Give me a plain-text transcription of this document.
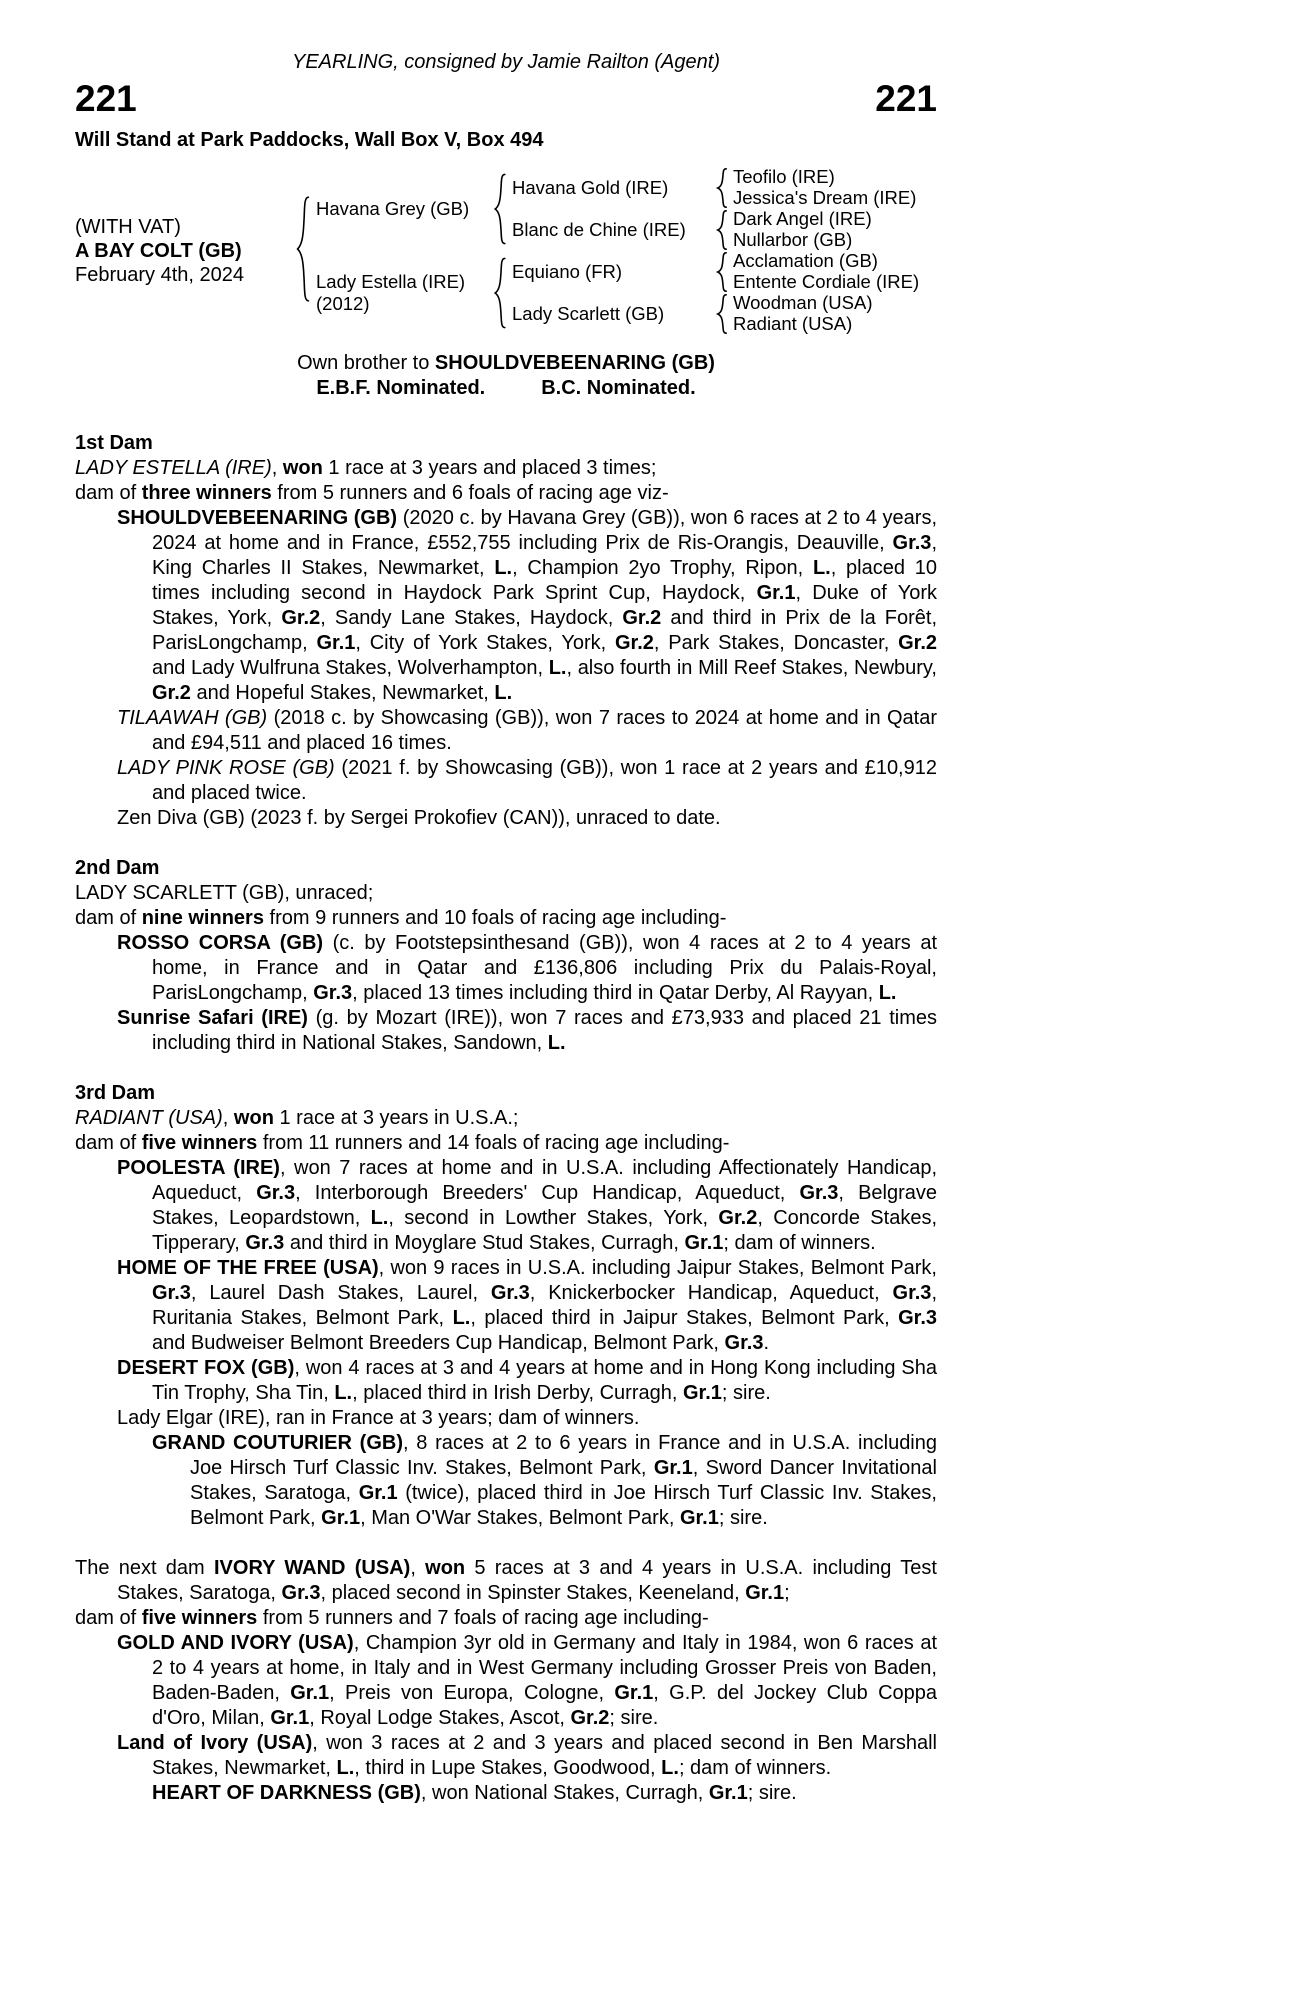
YEARLING, consigned by Jamie Railton (Agent)
221	221
Will Stand at Park Paddocks, Wall Box V, Box 494
(WITH VAT)
A BAY COLT (GB)
February 4th, 2024
Havana Grey (GB)
Lady Estella (IRE)
(2012)
Havana Gold (IRE)
Blanc de Chine (IRE)
Equiano (FR)
Lady Scarlett (GB)
Teofilo (IRE)
Jessica's Dream (IRE)
Dark Angel (IRE)
Nullarbor (GB)
Acclamation (GB)
Entente Cordiale (IRE)
Woodman (USA)
Radiant (USA)
Own brother to SHOULDVEBEENARING (GB)
E.B.F. Nominated.	B.C. Nominated.
1st Dam

LADY ESTELLA (IRE), won 1 race at 3 years and placed 3 times;

dam of three winners from 5 runners and 6 foals of racing age viz-

SHOULDVEBEENARING (GB) (2020 c. by Havana Grey (GB)), won 6 races at 2 to 4 years, 2024 at home and in France, £552,755 including Prix de Ris-Orangis, Deauville, Gr.3, King Charles II Stakes, Newmarket, L., Champion 2yo Trophy, Ripon, L., placed 10 times including second in Haydock Park Sprint Cup, Haydock, Gr.1, Duke of York Stakes, York, Gr.2, Sandy Lane Stakes, Haydock, Gr.2 and third in Prix de la Forêt, ParisLongchamp, Gr.1, City of York Stakes, York, Gr.2, Park Stakes, Doncaster, Gr.2 and Lady Wulfruna Stakes, Wolverhampton, L., also fourth in Mill Reef Stakes, Newbury, Gr.2 and Hopeful Stakes, Newmarket, L.

TILAAWAH (GB) (2018 c. by Showcasing (GB)), won 7 races to 2024 at home and in Qatar and £94,511 and placed 16 times.

LADY PINK ROSE (GB) (2021 f. by Showcasing (GB)), won 1 race at 2 years and £10,912 and placed twice.

Zen Diva (GB) (2023 f. by Sergei Prokofiev (CAN)), unraced to date.

2nd Dam

LADY SCARLETT (GB), unraced;

dam of nine winners from 9 runners and 10 foals of racing age including-

ROSSO CORSA (GB) (c. by Footstepsinthesand (GB)), won 4 races at 2 to 4 years at home, in France and in Qatar and £136,806 including Prix du Palais-Royal, ParisLongchamp, Gr.3, placed 13 times including third in Qatar Derby, Al Rayyan, L.

Sunrise Safari (IRE) (g. by Mozart (IRE)), won 7 races and £73,933 and placed 21 times including third in National Stakes, Sandown, L.

3rd Dam

RADIANT (USA), won 1 race at 3 years in U.S.A.;

dam of five winners from 11 runners and 14 foals of racing age including-

POOLESTA (IRE), won 7 races at home and in U.S.A. including Affectionately Handicap, Aqueduct, Gr.3, Interborough Breeders' Cup Handicap, Aqueduct, Gr.3, Belgrave Stakes, Leopardstown, L., second in Lowther Stakes, York, Gr.2, Concorde Stakes, Tipperary, Gr.3 and third in Moyglare Stud Stakes, Curragh, Gr.1; dam of winners.

HOME OF THE FREE (USA), won 9 races in U.S.A. including Jaipur Stakes, Belmont Park, Gr.3, Laurel Dash Stakes, Laurel, Gr.3, Knickerbocker Handicap, Aqueduct, Gr.3, Ruritania Stakes, Belmont Park, L., placed third in Jaipur Stakes, Belmont Park, Gr.3 and Budweiser Belmont Breeders Cup Handicap, Belmont Park, Gr.3.

DESERT FOX (GB), won 4 races at 3 and 4 years at home and in Hong Kong including Sha Tin Trophy, Sha Tin, L., placed third in Irish Derby, Curragh, Gr.1; sire.

Lady Elgar (IRE), ran in France at 3 years; dam of winners.

GRAND COUTURIER (GB), 8 races at 2 to 6 years in France and in U.S.A. including Joe Hirsch Turf Classic Inv. Stakes, Belmont Park, Gr.1, Sword Dancer Invitational Stakes, Saratoga, Gr.1 (twice), placed third in Joe Hirsch Turf Classic Inv. Stakes, Belmont Park, Gr.1, Man O'War Stakes, Belmont Park, Gr.1; sire.

The next dam IVORY WAND (USA), won 5 races at 3 and 4 years in U.S.A. including Test Stakes, Saratoga, Gr.3, placed second in Spinster Stakes, Keeneland, Gr.1;

dam of five winners from 5 runners and 7 foals of racing age including-

GOLD AND IVORY (USA), Champion 3yr old in Germany and Italy in 1984, won 6 races at 2 to 4 years at home, in Italy and in West Germany including Grosser Preis von Baden, Baden-Baden, Gr.1, Preis von Europa, Cologne, Gr.1, G.P. del Jockey Club Coppa d'Oro, Milan, Gr.1, Royal Lodge Stakes, Ascot, Gr.2; sire.

Land of Ivory (USA), won 3 races at 2 and 3 years and placed second in Ben Marshall Stakes, Newmarket, L., third in Lupe Stakes, Goodwood, L.; dam of winners.

HEART OF DARKNESS (GB), won National Stakes, Curragh, Gr.1; sire.
